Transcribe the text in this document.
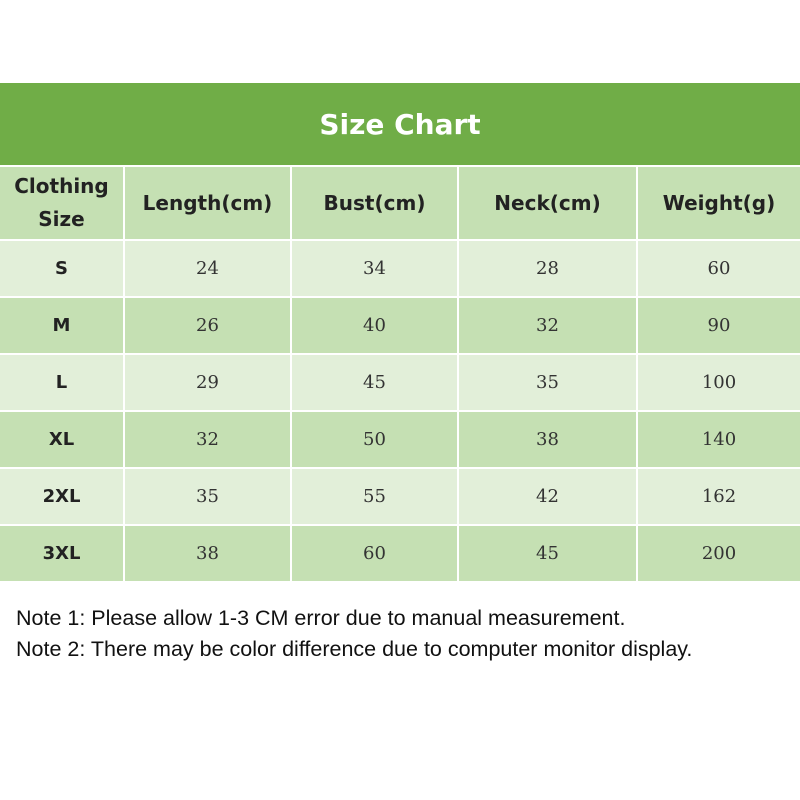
Size Chart
Clothing Size	Length(cm)	Bust(cm)	Neck(cm)	Weight(g)
S	24	34	28	60
M	26	40	32	90
L	29	45	35	100
XL	32	50	38	140
2XL	35	55	42	162
3XL	38	60	45	200
Note 1: Please allow 1-3 CM error due to manual measurement.
Note 2: There may be color difference due to computer monitor display.
